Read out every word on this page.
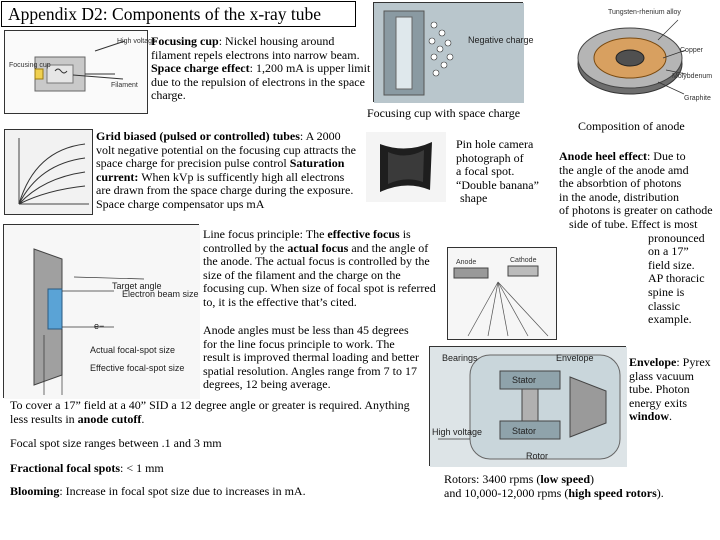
Appendix D2: Components of the x-ray tube
High voltage
Focusing cup
Filament
Focusing cup: Nickel housing around filament repels electrons into narrow beam. Space charge effect: 1,200 mA is upper limit due to the repulsion of electrons in the space charge.
Negative charge
Focusing cup with space charge
Tungsten-rhenium alloy
Copper
Molybdenum
Graphite
Composition of anode
Grid biased (pulsed or controlled) tubes: A 2000 volt negative potential on the focusing cup attracts the space charge for precision pulse control Saturation current: When kVp is sufficently high all electrons are drawn from the space charge during the exposure. Space charge compensator ups mA
Pin hole camera
photograph of
a focal spot.
“Double banana”
shape
Anode heel effect: Due to
the angle of the anode amd
the absorbtion of photons
in the anode, distribution
of photons is greater on cathode
side of tube. Effect is most
pronounced
on a 17”
field size.
AP thoracic
spine is
classic
example.
Anode	Cathode
Target angle
Electron beam size
e−
Actual focal-spot size
Effective focal-spot size
Line focus principle: The effective focus is controlled by the actual focus and the angle of the anode. The actual focus is controlled by the size of the filament and the charge on the focusing cup. When size of focal spot is referred to, it is the effective that’s cited.
Anode angles must be less than 45 degrees for the line focus principle to work. The result is improved thermal loading and better spatial resolution. Angles range from 7 to 17 degrees, 12 being average.
To cover a 17” field at a 40” SID a 12 degree angle or greater is required. Anything less results in anode cutoff.
Focal spot size ranges between .1 and 3 mm
Fractional focal spots: < 1 mm
Blooming: Increase in focal spot size due to increases in mA.
Bearings	Envelope
Stator
Stator
High voltage
Rotor
Envelope: Pyrex
glass vacuum
tube. Photon
energy exits
window.
Rotors: 3400 rpms (low speed)
and 10,000-12,000 rpms (high speed rotors).
